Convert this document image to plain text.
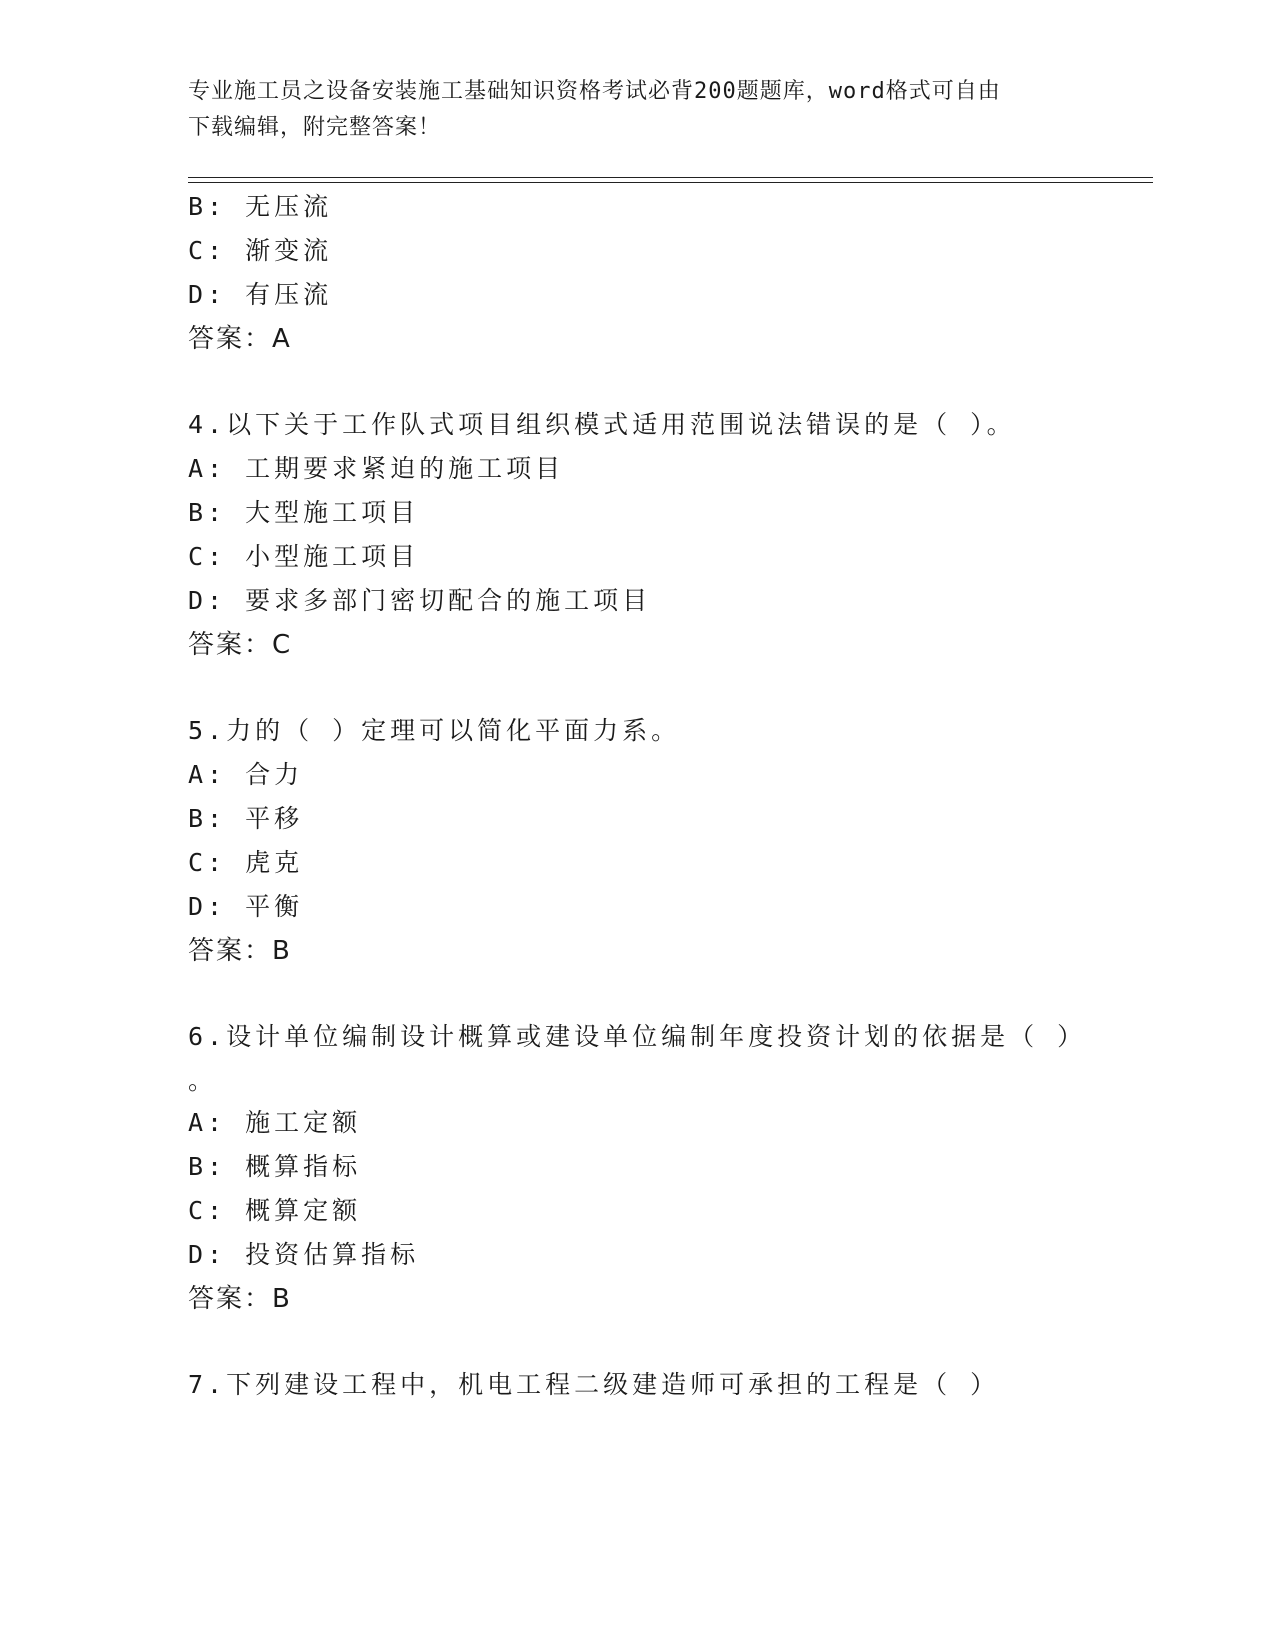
专业施工员之设备安装施工基础知识资格考试必背200题题库，word格式可自由
下载编辑，附完整答案！
B: 无压流
C: 渐变流
D: 有压流
答案：A
4.以下关于工作队式项目组织模式适用范围说法错误的是（ ）。
A: 工期要求紧迫的施工项目
B: 大型施工项目
C: 小型施工项目
D: 要求多部门密切配合的施工项目
答案：C
5.力的（ ）定理可以简化平面力系。
A: 合力
B: 平移
C: 虎克
D: 平衡
答案：B
6.设计单位编制设计概算或建设单位编制年度投资计划的依据是（ ）
。
A: 施工定额
B: 概算指标
C: 概算定额
D: 投资估算指标
答案：B
7.下列建设工程中，机电工程二级建造师可承担的工程是（ ）
